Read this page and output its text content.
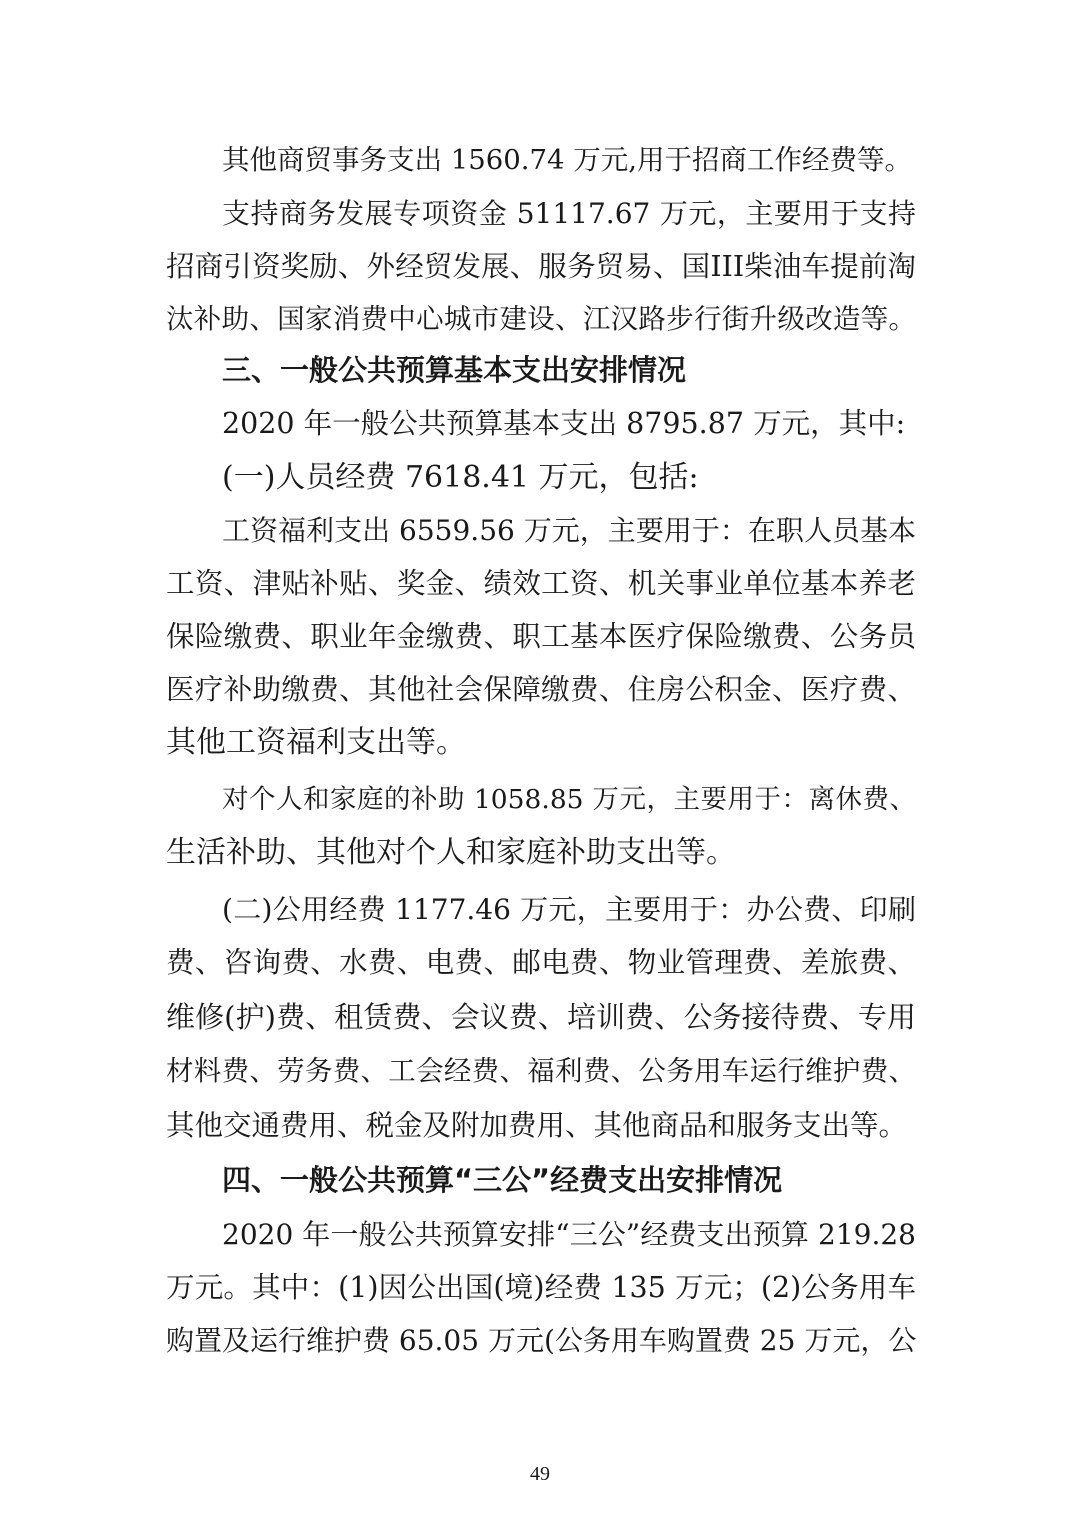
其他商贸事务支出 1560.74 万元,用于招商工作经费等。
支持商务发展专项资金 51117.67 万元，主要用于支持
招商引资奖励、外经贸发展、服务贸易、国III柴油车提前淘
汰补助、国家消费中心城市建设、江汉路步行街升级改造等。
三、一般公共预算基本支出安排情况
2020 年一般公共预算基本支出 8795.87 万元，其中:
(一)人员经费 7618.41 万元，包括:
工资福利支出 6559.56 万元，主要用于：在职人员基本
工资、津贴补贴、奖金、绩效工资、机关事业单位基本养老
保险缴费、职业年金缴费、职工基本医疗保险缴费、公务员
医疗补助缴费、其他社会保障缴费、住房公积金、医疗费、
其他工资福利支出等。
对个人和家庭的补助 1058.85 万元，主要用于：离休费、
生活补助、其他对个人和家庭补助支出等。
(二)公用经费 1177.46 万元，主要用于：办公费、印刷
费、咨询费、水费、电费、邮电费、物业管理费、差旅费、
维修(护)费、租赁费、会议费、培训费、公务接待费、专用
材料费、劳务费、工会经费、福利费、公务用车运行维护费、
其他交通费用、税金及附加费用、其他商品和服务支出等。
四、一般公共预算“三公”经费支出安排情况
2020 年一般公共预算安排“三公”经费支出预算 219.28
万元。其中：(1)因公出国(境)经费 135 万元；(2)公务用车
购置及运行维护费 65.05 万元(公务用车购置费 25 万元，公
49
